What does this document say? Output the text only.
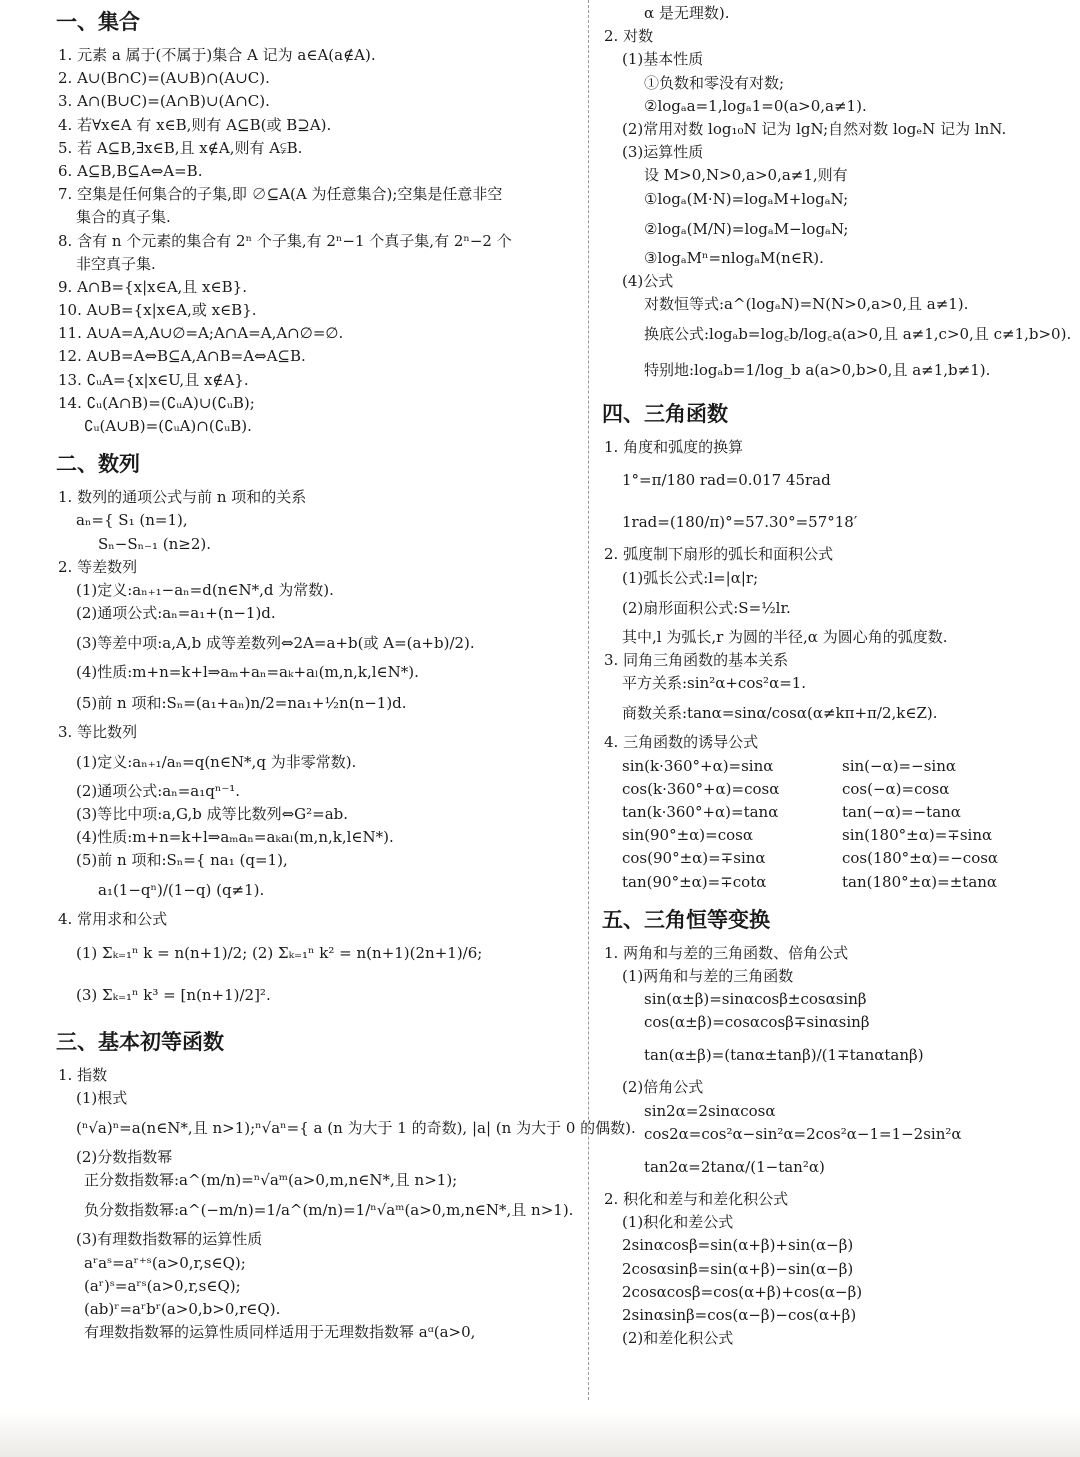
一、集合
1. 元素 a 属于(不属于)集合 A 记为 a∈A(a∉A).
2. A∪(B∩C)=(A∪B)∩(A∪C).
3. A∩(B∪C)=(A∩B)∪(A∩C).
4. 若∀x∈A 有 x∈B,则有 A⊆B(或 B⊇A).
5. 若 A⊆B,∃x∈B,且 x∉A,则有 A⫋B.
6. A⊆B,B⊆A⇔A=B.
7. 空集是任何集合的子集,即 ∅⊆A(A 为任意集合);空集是任意非空
集合的真子集.
8. 含有 n 个元素的集合有 2ⁿ 个子集,有 2ⁿ−1 个真子集,有 2ⁿ−2 个
非空真子集.
9. A∩B={x|x∈A,且 x∈B}.
10. A∪B={x|x∈A,或 x∈B}.
11. A∪A=A,A∪∅=A;A∩A=A,A∩∅=∅.
12. A∪B=A⇔B⊆A,A∩B=A⇔A⊆B.
13. ∁ᵤA={x|x∈U,且 x∉A}.
14. ∁ᵤ(A∩B)=(∁ᵤA)∪(∁ᵤB);
∁ᵤ(A∪B)=(∁ᵤA)∩(∁ᵤB).
二、数列
1. 数列的通项公式与前 n 项和的关系
aₙ={ S₁ (n=1),
Sₙ−Sₙ₋₁ (n≥2).
2. 等差数列
(1)定义:aₙ₊₁−aₙ=d(n∈N*,d 为常数).
(2)通项公式:aₙ=a₁+(n−1)d.
(3)等差中项:a,A,b 成等差数列⇔2A=a+b(或 A=(a+b)/2).
(4)性质:m+n=k+l⇒aₘ+aₙ=aₖ+aₗ(m,n,k,l∈N*).
(5)前 n 项和:Sₙ=(a₁+aₙ)n/2=na₁+½n(n−1)d.
3. 等比数列
(1)定义:aₙ₊₁/aₙ=q(n∈N*,q 为非零常数).
(2)通项公式:aₙ=a₁qⁿ⁻¹.
(3)等比中项:a,G,b 成等比数列⇔G²=ab.
(4)性质:m+n=k+l⇒aₘaₙ=aₖaₗ(m,n,k,l∈N*).
(5)前 n 项和:Sₙ={ na₁ (q=1),
a₁(1−qⁿ)/(1−q) (q≠1).
4. 常用求和公式
(1) Σₖ₌₁ⁿ k = n(n+1)/2; (2) Σₖ₌₁ⁿ k² = n(n+1)(2n+1)/6;
(3) Σₖ₌₁ⁿ k³ = [n(n+1)/2]².
三、基本初等函数
1. 指数
(1)根式
(ⁿ√a)ⁿ=a(n∈N*,且 n>1);ⁿ√aⁿ={ a (n 为大于 1 的奇数), |a| (n 为大于 0 的偶数).
(2)分数指数幂
正分数指数幂:a^(m/n)=ⁿ√aᵐ(a>0,m,n∈N*,且 n>1);
负分数指数幂:a^(−m/n)=1/a^(m/n)=1/ⁿ√aᵐ(a>0,m,n∈N*,且 n>1).
(3)有理数指数幂的运算性质
aʳaˢ=aʳ⁺ˢ(a>0,r,s∈Q);
(aʳ)ˢ=aʳˢ(a>0,r,s∈Q);
(ab)ʳ=aʳbʳ(a>0,b>0,r∈Q).
有理数指数幂的运算性质同样适用于无理数指数幂 aᵅ(a>0,
α 是无理数).
2. 对数
(1)基本性质
①负数和零没有对数;
②logₐa=1,logₐ1=0(a>0,a≠1).
(2)常用对数 log₁₀N 记为 lgN;自然对数 logₑN 记为 lnN.
(3)运算性质
设 M>0,N>0,a>0,a≠1,则有
①logₐ(M·N)=logₐM+logₐN;
②logₐ(M/N)=logₐM−logₐN;
③logₐMⁿ=nlogₐM(n∈R).
(4)公式
对数恒等式:a^(logₐN)=N(N>0,a>0,且 a≠1).
换底公式:logₐb=log꜀b/log꜀a(a>0,且 a≠1,c>0,且 c≠1,b>0).
特别地:logₐb=1/log_b a(a>0,b>0,且 a≠1,b≠1).
四、三角函数
1. 角度和弧度的换算
1°=π/180 rad=0.017 45rad
1rad=(180/π)°=57.30°=57°18′
2. 弧度制下扇形的弧长和面积公式
(1)弧长公式:l=|α|r;
(2)扇形面积公式:S=½lr.
其中,l 为弧长,r 为圆的半径,α 为圆心角的弧度数.
3. 同角三角函数的基本关系
平方关系:sin²α+cos²α=1.
商数关系:tanα=sinα/cosα(α≠kπ+π/2,k∈Z).
4. 三角函数的诱导公式
sin(k·360°+α)=sinα	sin(−α)=−sinα
cos(k·360°+α)=cosα	cos(−α)=cosα
tan(k·360°+α)=tanα	tan(−α)=−tanα
sin(90°±α)=cosα	sin(180°±α)=∓sinα
cos(90°±α)=∓sinα	cos(180°±α)=−cosα
tan(90°±α)=∓cotα	tan(180°±α)=±tanα
五、三角恒等变换
1. 两角和与差的三角函数、倍角公式
(1)两角和与差的三角函数
sin(α±β)=sinαcosβ±cosαsinβ
cos(α±β)=cosαcosβ∓sinαsinβ
tan(α±β)=(tanα±tanβ)/(1∓tanαtanβ)
(2)倍角公式
sin2α=2sinαcosα
cos2α=cos²α−sin²α=2cos²α−1=1−2sin²α
tan2α=2tanα/(1−tan²α)
2. 积化和差与和差化积公式
(1)积化和差公式
2sinαcosβ=sin(α+β)+sin(α−β)
2cosαsinβ=sin(α+β)−sin(α−β)
2cosαcosβ=cos(α+β)+cos(α−β)
2sinαsinβ=cos(α−β)−cos(α+β)
(2)和差化积公式
